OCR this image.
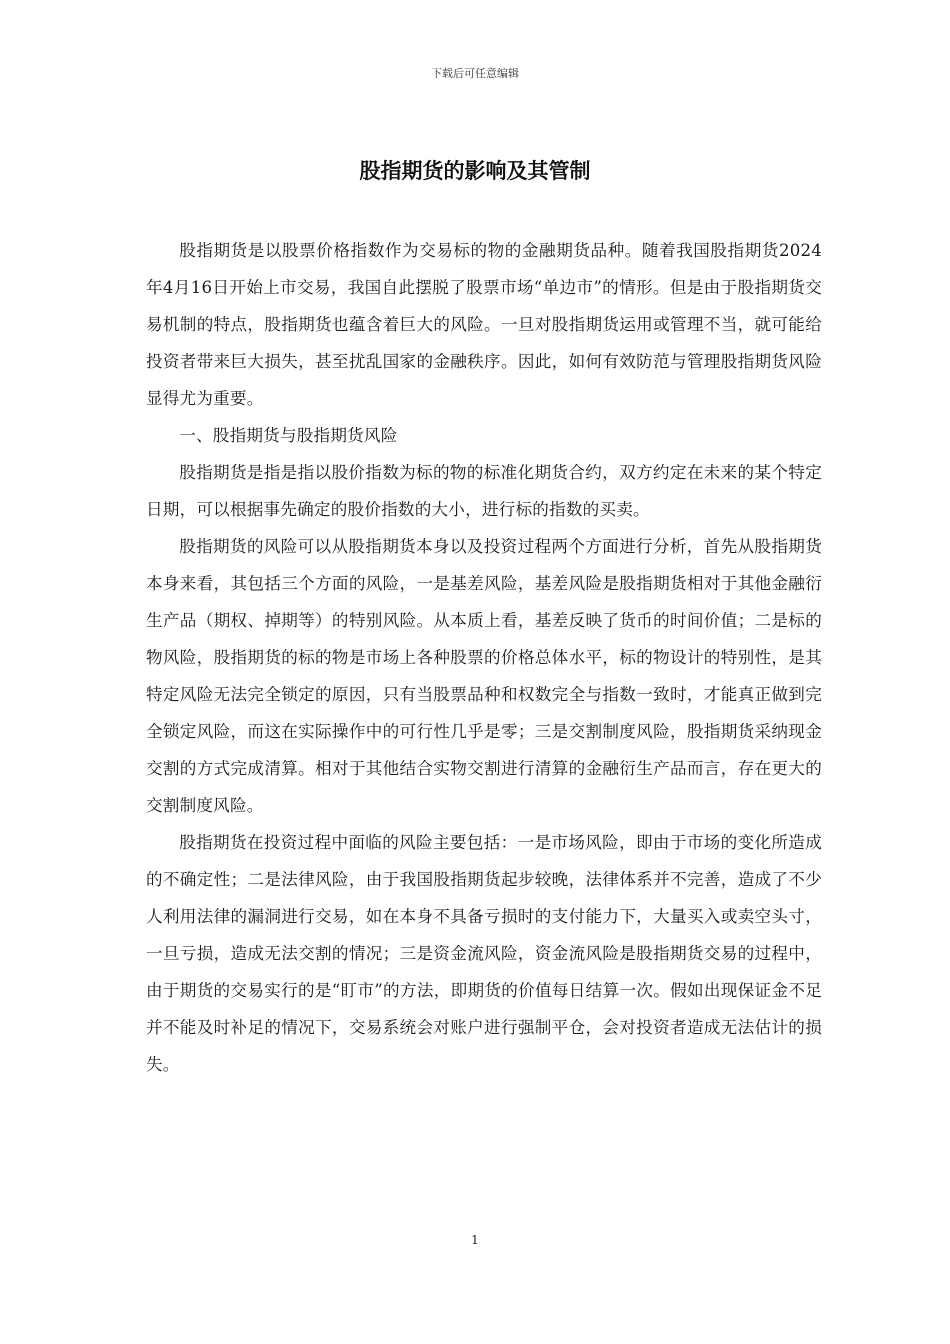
下载后可任意编辑
股指期货的影响及其管制

股指期货是以股票价格指数作为交易标的物的金融期货品种。随着我国股指期货2024年4月16日开始上市交易，我国自此摆脱了股票市场“单边市”的情形。但是由于股指期货交易机制的特点，股指期货也蕴含着巨大的风险。一旦对股指期货运用或管理不当，就可能给投资者带来巨大损失，甚至扰乱国家的金融秩序。因此，如何有效防范与管理股指期货风险显得尤为重要。

一、股指期货与股指期货风险

股指期货是指是指以股价指数为标的物的标准化期货合约，双方约定在未来的某个特定日期，可以根据事先确定的股价指数的大小，进行标的指数的买卖。

股指期货的风险可以从股指期货本身以及投资过程两个方面进行分析，首先从股指期货本身来看，其包括三个方面的风险，一是基差风险，基差风险是股指期货相对于其他金融衍生产品（期权、掉期等）的特别风险。从本质上看，基差反映了货币的时间价值；二是标的物风险，股指期货的标的物是市场上各种股票的价格总体水平，标的物设计的特别性，是其特定风险无法完全锁定的原因，只有当股票品种和权数完全与指数一致时，才能真正做到完全锁定风险，而这在实际操作中的可行性几乎是零；三是交割制度风险，股指期货采纳现金交割的方式完成清算。相对于其他结合实物交割进行清算的金融衍生产品而言，存在更大的交割制度风险。

股指期货在投资过程中面临的风险主要包括：一是市场风险，即由于市场的变化所造成的不确定性；二是法律风险，由于我国股指期货起步较晚，法律体系并不完善，造成了不少人利用法律的漏洞进行交易，如在本身不具备亏损时的支付能力下，大量买入或卖空头寸，一旦亏损，造成无法交割的情况；三是资金流风险，资金流风险是股指期货交易的过程中，由于期货的交易实行的是“盯市”的方法，即期货的价值每日结算一次。假如出现保证金不足并不能及时补足的情况下，交易系统会对账户进行强制平仓，会对投资者造成无法估计的损失。

1
